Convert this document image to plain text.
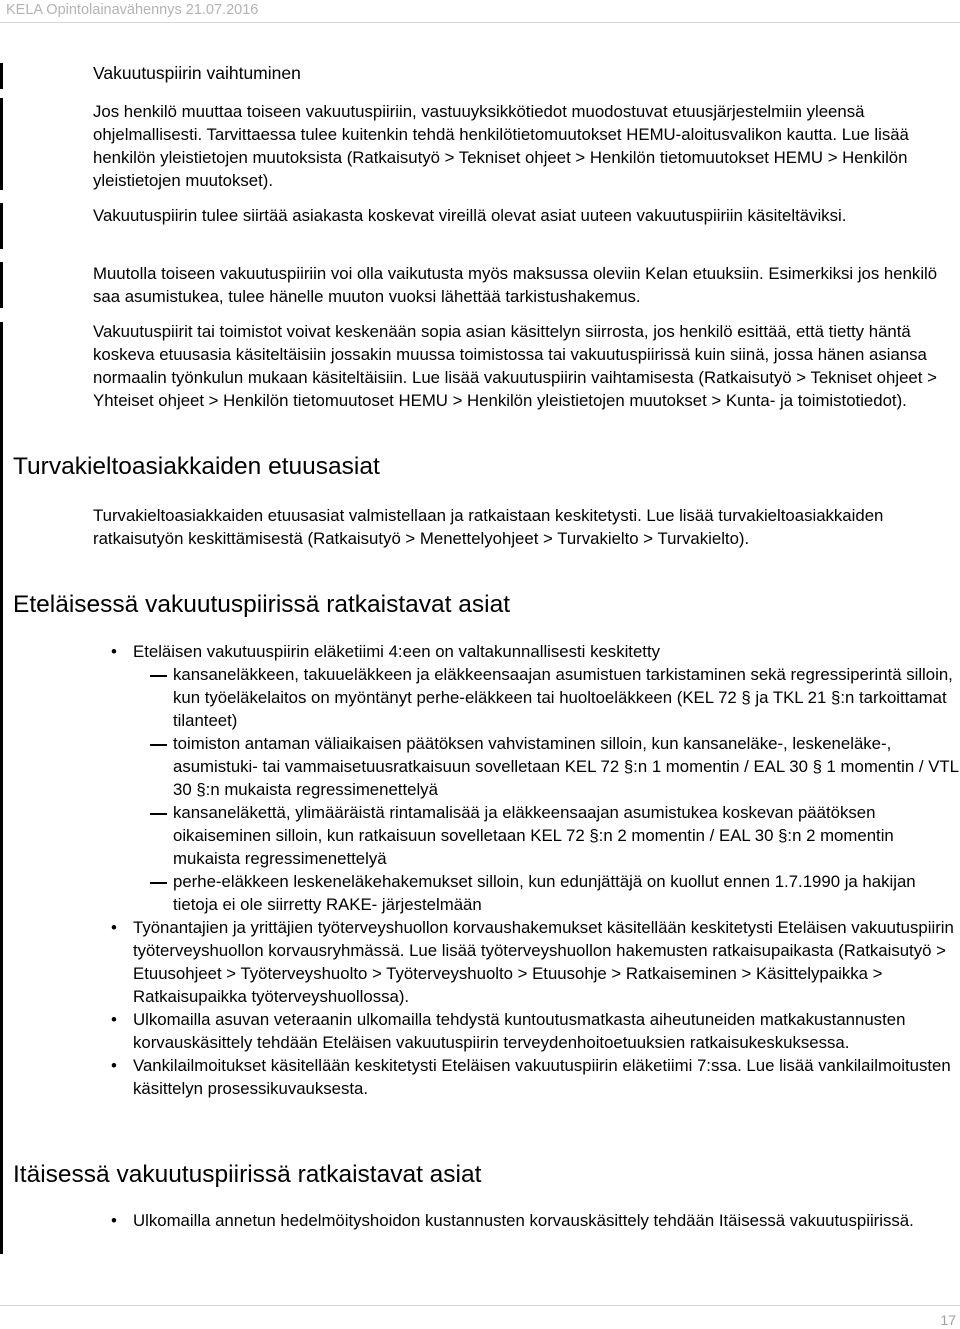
KELA Opintolainavähennys 21.07.2016
Vakuutuspiirin vaihtuminen

Jos henkilö muuttaa toiseen vakuutuspiiriin, vastuuyksikkötiedot muodostuvat etuusjärjestelmiin yleensä ohjelmallisesti. Tarvittaessa tulee kuitenkin tehdä henkilötietomuutokset HEMU-aloitusvalikon kautta. Lue lisää henkilön yleistietojen muutoksista (Ratkaisutyö > Tekniset ohjeet > Henkilön tietomuutokset HEMU > Henkilön yleistietojen muutokset).

Vakuutuspiirin tulee siirtää asiakasta koskevat vireillä olevat asiat uuteen vakuutuspiiriin käsiteltäviksi.

Muutolla toiseen vakuutuspiiriin voi olla vaikutusta myös maksussa oleviin Kelan etuuksiin. Esimerkiksi jos henkilö saa asumistukea, tulee hänelle muuton vuoksi lähettää tarkistushakemus.

Vakuutuspiirit tai toimistot voivat keskenään sopia asian käsittelyn siirrosta, jos henkilö esittää, että tietty häntä koskeva etuusasia käsiteltäisiin jossakin muussa toimistossa tai vakuutuspiirissä kuin siinä, jossa hänen asiansa normaalin työnkulun mukaan käsiteltäisiin. Lue lisää vakuutuspiirin vaihtamisesta (Ratkaisutyö > Tekniset ohjeet > Yhteiset ohjeet > Henkilön tietomuutoset HEMU > Henkilön yleistietojen muutokset > Kunta- ja toimistotiedot).

Turvakieltoasiakkaiden etuusasiat

Turvakieltoasiakkaiden etuusasiat valmistellaan ja ratkaistaan keskitetysti. Lue lisää turvakieltoasiakkaiden ratkaisutyön keskittämisestä (Ratkaisutyö > Menettelyohjeet > Turvakielto > Turvakielto).

Eteläisessä vakuutuspiirissä ratkaistavat asiat
• Eteläisen vakutuuspiirin eläketiimi 4:een on valtakunnallisesti keskitetty
kansaneläkkeen, takuueläkkeen ja eläkkeensaajan asumistuen tarkistaminen sekä regressiperintä silloin, kun työeläkelaitos on myöntänyt perhe-eläkkeen tai huoltoeläkkeen (KEL 72 § ja TKL 21 §:n tarkoittamat tilanteet)
toimiston antaman väliaikaisen päätöksen vahvistaminen silloin, kun kansaneläke-, leskeneläke-, asumistuki- tai vammaisetuusratkaisuun sovelletaan KEL 72 §:n 1 momentin / EAL 30 § 1 momentin / VTL 30 §:n mukaista regressimenettelyä
kansaneläkettä, ylimääräistä rintamalisää ja eläkkeensaajan asumistukea koskevan päätöksen oikaiseminen silloin, kun ratkaisuun sovelletaan KEL 72 §:n 2 momentin / EAL 30 §:n 2 momentin mukaista regressimenettelyä
perhe-eläkkeen leskeneläkehakemukset silloin, kun edunjättäjä on kuollut ennen 1.7.1990 ja hakijan tietoja ei ole siirretty RAKE- järjestelmään
• Työnantajien ja yrittäjien työterveyshuollon korvaushakemukset käsitellään keskitetysti Eteläisen vakuutuspiirin työterveyshuollon korvausryhmässä. Lue lisää työterveyshuollon hakemusten ratkaisupaikasta (Ratkaisutyö > Etuusohjeet > Työterveyshuolto > Työterveyshuolto > Etuusohje > Ratkaiseminen > Käsittelypaikka > Ratkaisupaikka työterveyshuollossa).
• Ulkomailla asuvan veteraanin ulkomailla tehdystä kuntoutusmatkasta aiheutuneiden matkakustannusten korvauskäsittely tehdään Eteläisen vakuutuspiirin terveydenhoitoetuuksien ratkaisukeskuksessa.
• Vankilailmoitukset käsitellään keskitetysti Eteläisen vakuutuspiirin eläketiimi 7:ssa. Lue lisää vankilailmoitusten käsittelyn prosessikuvauksesta.
Itäisessä vakuutuspiirissä ratkaistavat asiat
• Ulkomailla annetun hedelmöityshoidon kustannusten korvauskäsittely tehdään Itäisessä vakuutuspiirissä.
17
